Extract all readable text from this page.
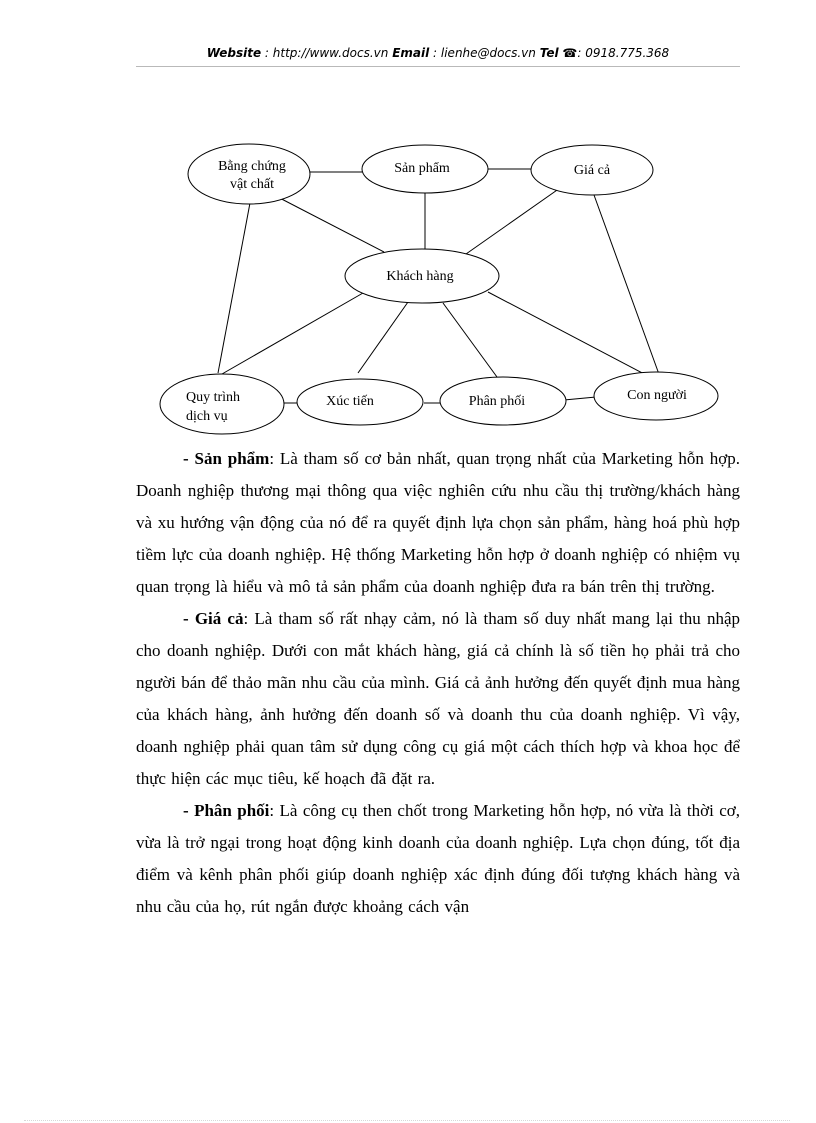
Website : http://www.docs.vn Email : lienhe@docs.vn Tel ☎: 0918.775.368
Bằng chứng
vật chất
Sản phẩm	Giá cả
Khách hàng
Quy trình
dịch vụ
Xúc tiến	Phân phối	Con người

- Sản phẩm: Là tham số cơ bản nhất, quan trọng nhất của Marketing hỗn hợp. Doanh nghiệp thương mại thông qua việc nghiên cứu nhu cầu thị trường/khách hàng và xu hướng vận động của nó để ra quyết định lựa chọn sản phẩm, hàng hoá phù hợp tiềm lực của doanh nghiệp. Hệ thống Marketing hỗn hợp ở doanh nghiệp có nhiệm vụ quan trọng là hiểu và mô tả sản phẩm của doanh nghiệp đưa ra bán trên thị trường.

- Giá cả: Là tham số rất nhạy cảm, nó là tham số duy nhất mang lại thu nhập cho doanh nghiệp. Dưới con mắt khách hàng, giá cả chính là số tiền họ phải trả cho người bán để thảo mãn nhu cầu của mình. Giá cả ảnh hưởng đến quyết định mua hàng của khách hàng, ảnh hưởng đến doanh số và doanh thu của doanh nghiệp. Vì vậy, doanh nghiệp phải quan tâm sử dụng công cụ giá một cách thích hợp và khoa học để thực hiện các mục tiêu, kế hoạch đã đặt ra.

- Phân phối: Là công cụ then chốt trong Marketing hỗn hợp, nó vừa là thời cơ, vừa là trở ngại trong hoạt động kinh doanh của doanh nghiệp. Lựa chọn đúng, tốt địa điểm và kênh phân phối giúp doanh nghiệp xác định đúng đối tượng khách hàng và nhu cầu của họ, rút ngắn được khoảng cách vận
